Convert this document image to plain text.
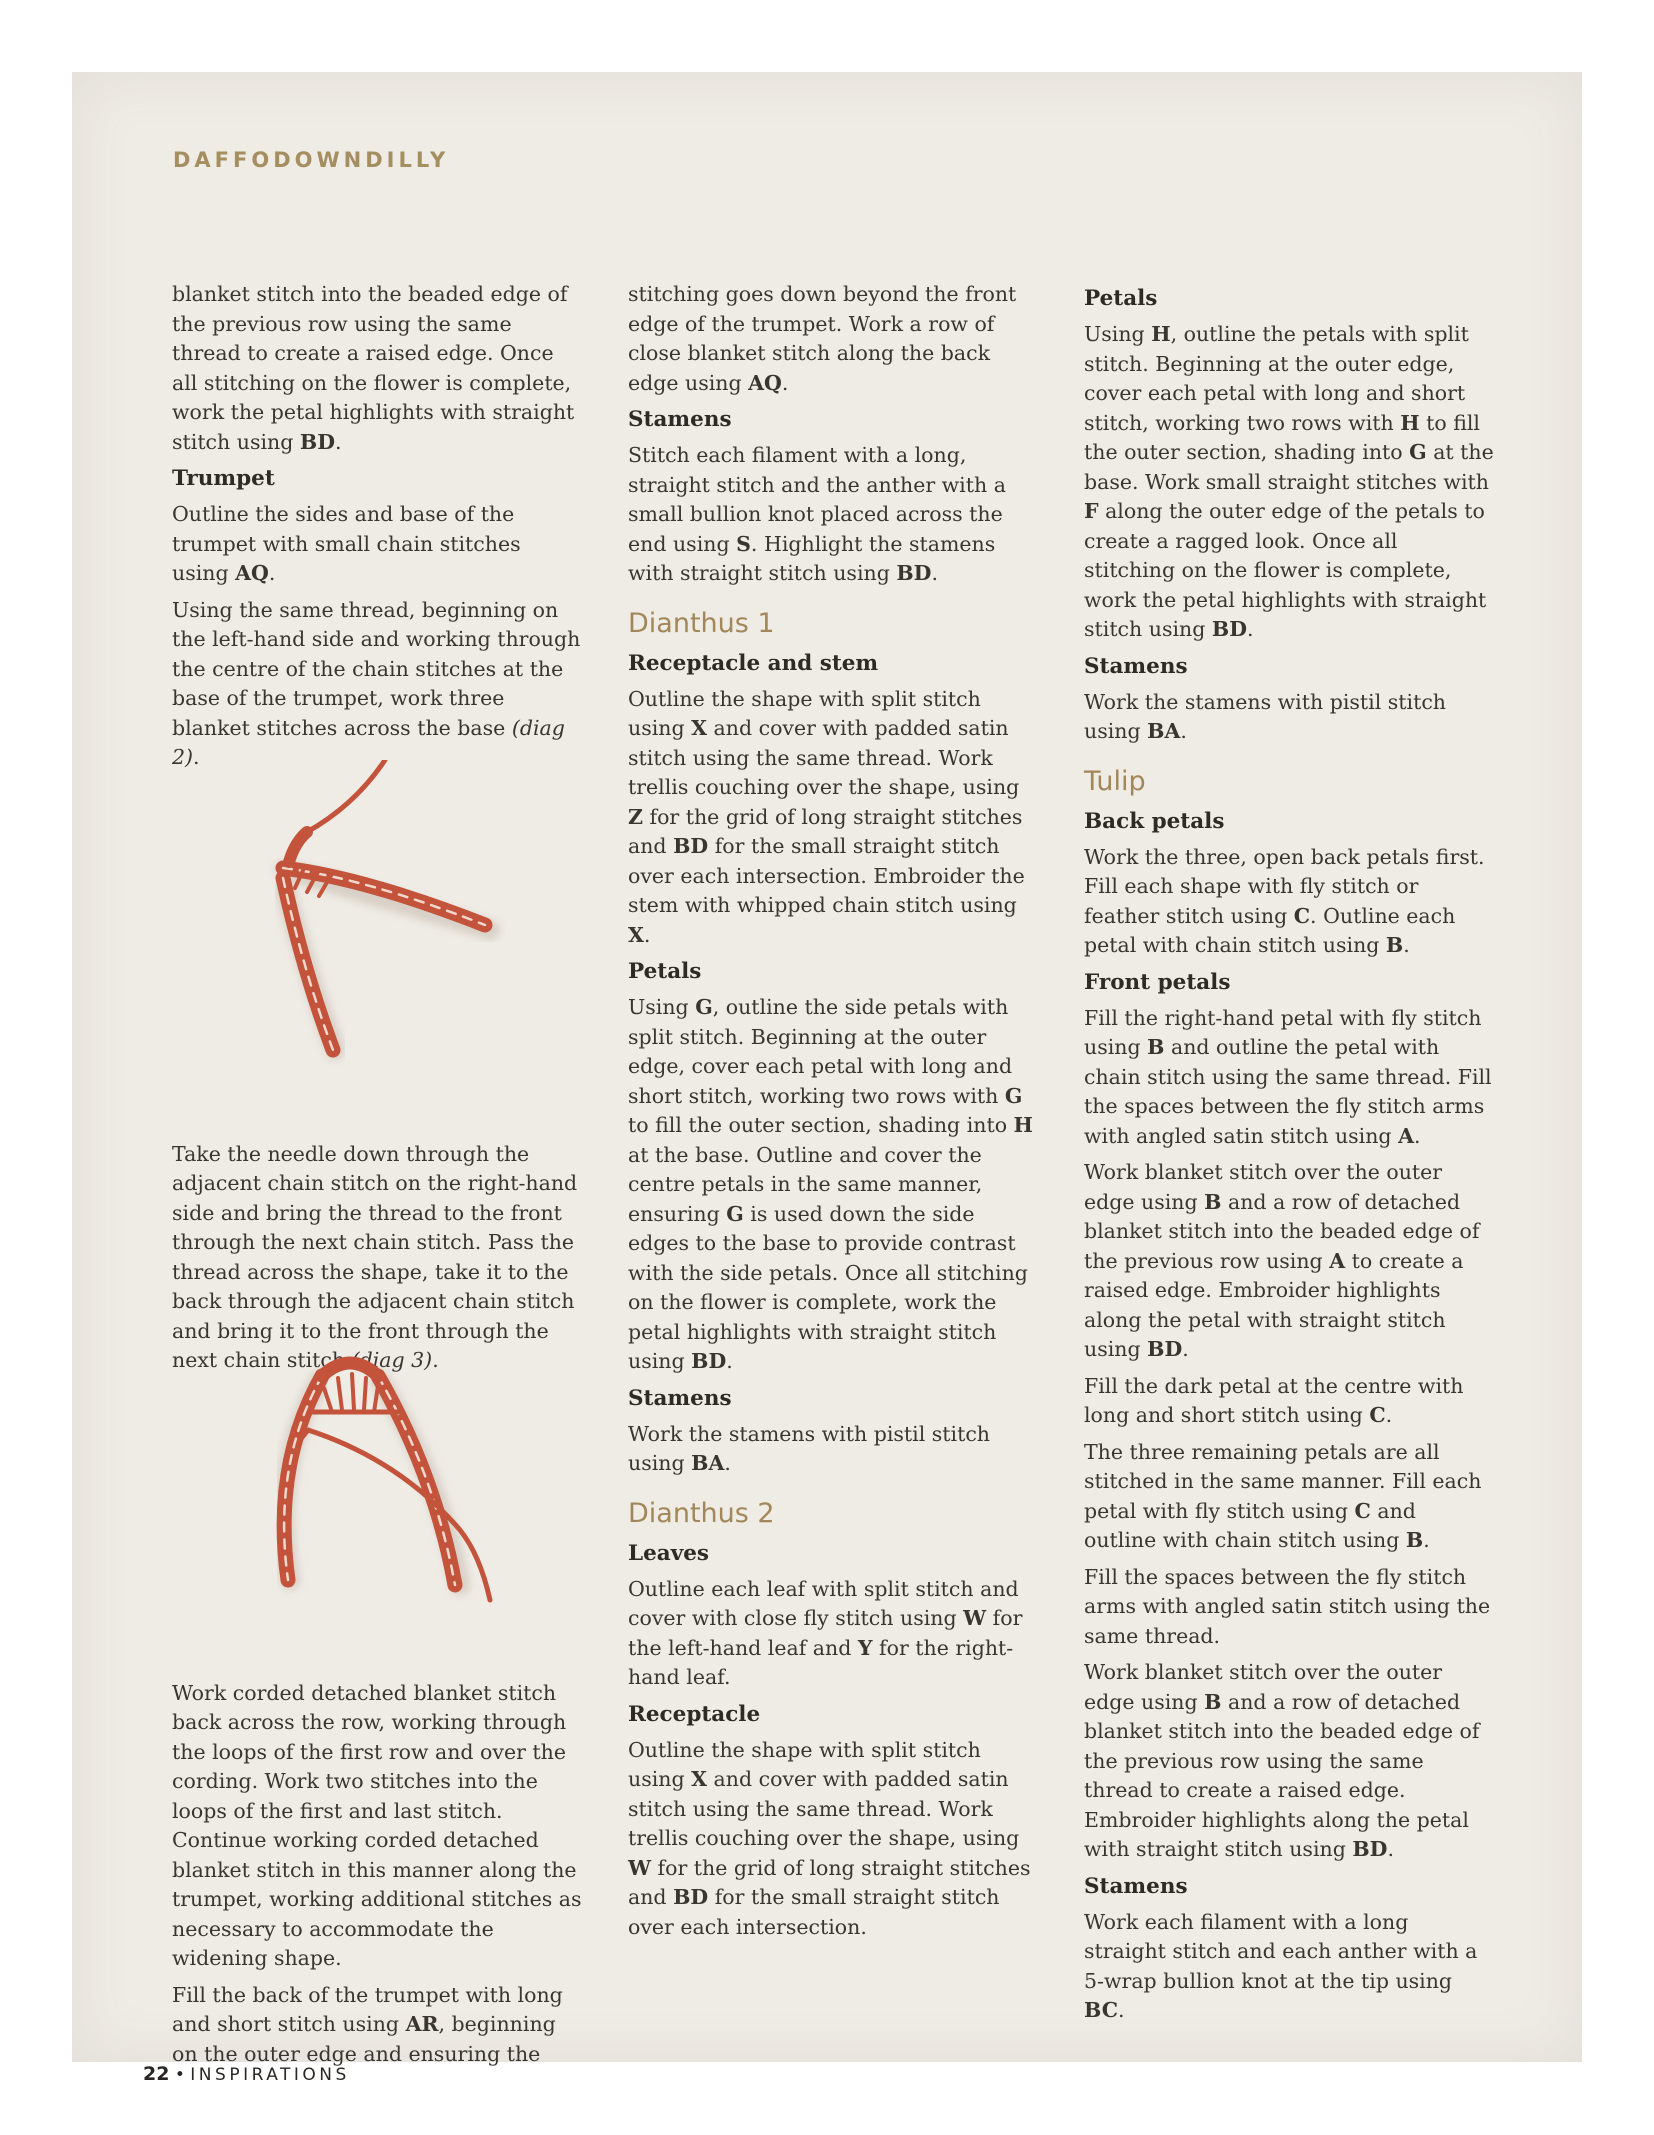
DAFFODOWNDILLY

blanket stitch into the beaded edge of the previous row using the same thread to create a raised edge. Once all stitching on the flower is complete, work the petal highlights with straight stitch using BD.

Trumpet

Outline the sides and base of the trumpet with small chain stitches using AQ.

Using the same thread, beginning on the left-hand side and working through the centre of the chain stitches at the base of the trumpet, work three blanket stitches across the base (diag 2).

Take the needle down through the adjacent chain stitch on the right-hand side and bring the thread to the front through the next chain stitch. Pass the thread across the shape, take it to the back through the adjacent chain stitch and bring it to the front through the next chain stitch (diag 3).

Work corded detached blanket stitch back across the row, working through the loops of the first row and over the cording. Work two stitches into the loops of the first and last stitch. Continue working corded detached blanket stitch in this manner along the trumpet, working additional stitches as necessary to accommodate the widening shape.

Fill the back of the trumpet with long and short stitch using AR, beginning on the outer edge and ensuring the

stitching goes down beyond the front edge of the trumpet. Work a row of close blanket stitch along the back edge using AQ.

Stamens

Stitch each filament with a long, straight stitch and the anther with a small bullion knot placed across the end using S. Highlight the stamens with straight stitch using BD.

Dianthus 1
Receptacle and stem

Outline the shape with split stitch using X and cover with padded satin stitch using the same thread. Work trellis couching over the shape, using Z for the grid of long straight stitches and BD for the small straight stitch over each intersection. Embroider the stem with whipped chain stitch using X.

Petals

Using G, outline the side petals with split stitch. Beginning at the outer edge, cover each petal with long and short stitch, working two rows with G to fill the outer section, shading into H at the base. Outline and cover the centre petals in the same manner, ensuring G is used down the side edges to the base to provide contrast with the side petals. Once all stitching on the flower is complete, work the petal highlights with straight stitch using BD.

Stamens

Work the stamens with pistil stitch using BA.

Dianthus 2
Leaves

Outline each leaf with split stitch and cover with close fly stitch using W for the left-hand leaf and Y for the right-hand leaf.

Receptacle

Outline the shape with split stitch using X and cover with padded satin stitch using the same thread. Work trellis couching over the shape, using W for the grid of long straight stitches and BD for the small straight stitch over each intersection.

Petals

Using H, outline the petals with split stitch. Beginning at the outer edge, cover each petal with long and short stitch, working two rows with H to fill the outer section, shading into G at the base. Work small straight stitches with F along the outer edge of the petals to create a ragged look. Once all stitching on the flower is complete, work the petal highlights with straight stitch using BD.

Stamens

Work the stamens with pistil stitch using BA.

Tulip
Back petals

Work the three, open back petals first. Fill each shape with fly stitch or feather stitch using C. Outline each petal with chain stitch using B.

Front petals

Fill the right-hand petal with fly stitch using B and outline the petal with chain stitch using the same thread. Fill the spaces between the fly stitch arms with angled satin stitch using A.

Work blanket stitch over the outer edge using B and a row of detached blanket stitch into the beaded edge of the previous row using A to create a raised edge. Embroider highlights along the petal with straight stitch using BD.

Fill the dark petal at the centre with long and short stitch using C.

The three remaining petals are all stitched in the same manner. Fill each petal with fly stitch using C and outline with chain stitch using B.

Fill the spaces between the fly stitch arms with angled satin stitch using the same thread.

Work blanket stitch over the outer edge using B and a row of detached blanket stitch into the beaded edge of the previous row using the same thread to create a raised edge. Embroider highlights along the petal with straight stitch using BD.

Stamens

Work each filament with a long straight stitch and each anther with a 5-wrap bullion knot at the tip using BC.

22 • INSPIRATIONS
